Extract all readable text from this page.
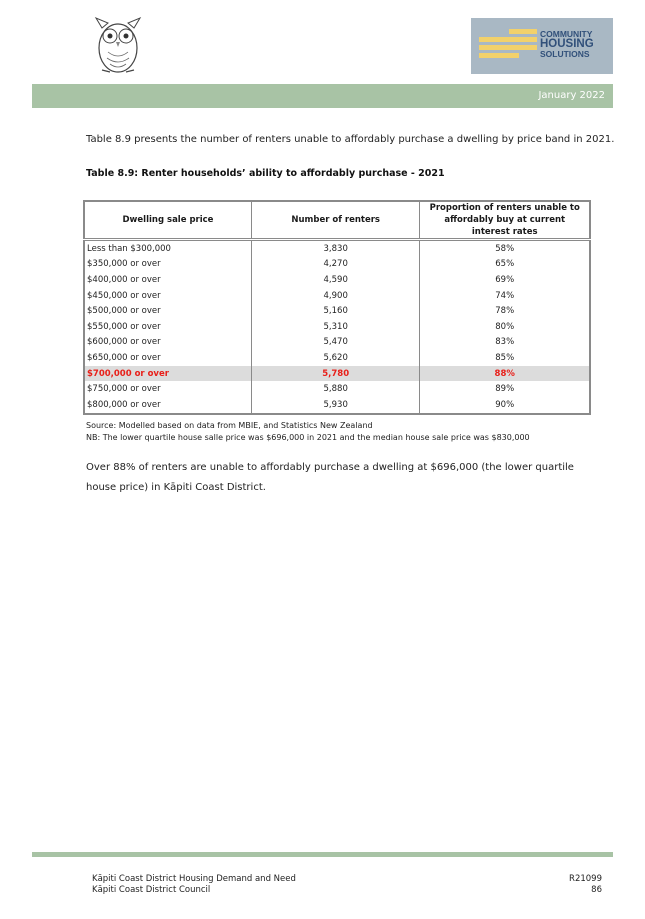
COMMUNITY
HOUSING
SOLUTIONS
January 2022
Table 8.9 presents the number of renters unable to affordably purchase a dwelling by price band in 2021.
Table 8.9: Renter households’ ability to affordably purchase - 2021
Dwelling sale price	Number of renters	Proportion of renters unable to affordably buy at current interest rates
Less than $300,000	3,830	58%
$350,000 or over	4,270	65%
$400,000 or over	4,590	69%
$450,000 or over	4,900	74%
$500,000 or over	5,160	78%
$550,000 or over	5,310	80%
$600,000 or over	5,470	83%
$650,000 or over	5,620	85%
$700,000 or over	5,780	88%
$750,000 or over	5,880	89%
$800,000 or over	5,930	90%
Source: Modelled based on data from MBIE, and Statistics New Zealand
NB: The lower quartile house salle price was $696,000 in 2021 and the median house sale price was $830,000
Over 88% of renters are unable to affordably purchase a dwelling at $696,000 (the lower quartile house price) in Kāpiti Coast District.
Kāpiti Coast District Housing Demand and Need
Kāpiti Coast District Council
R21099
86
